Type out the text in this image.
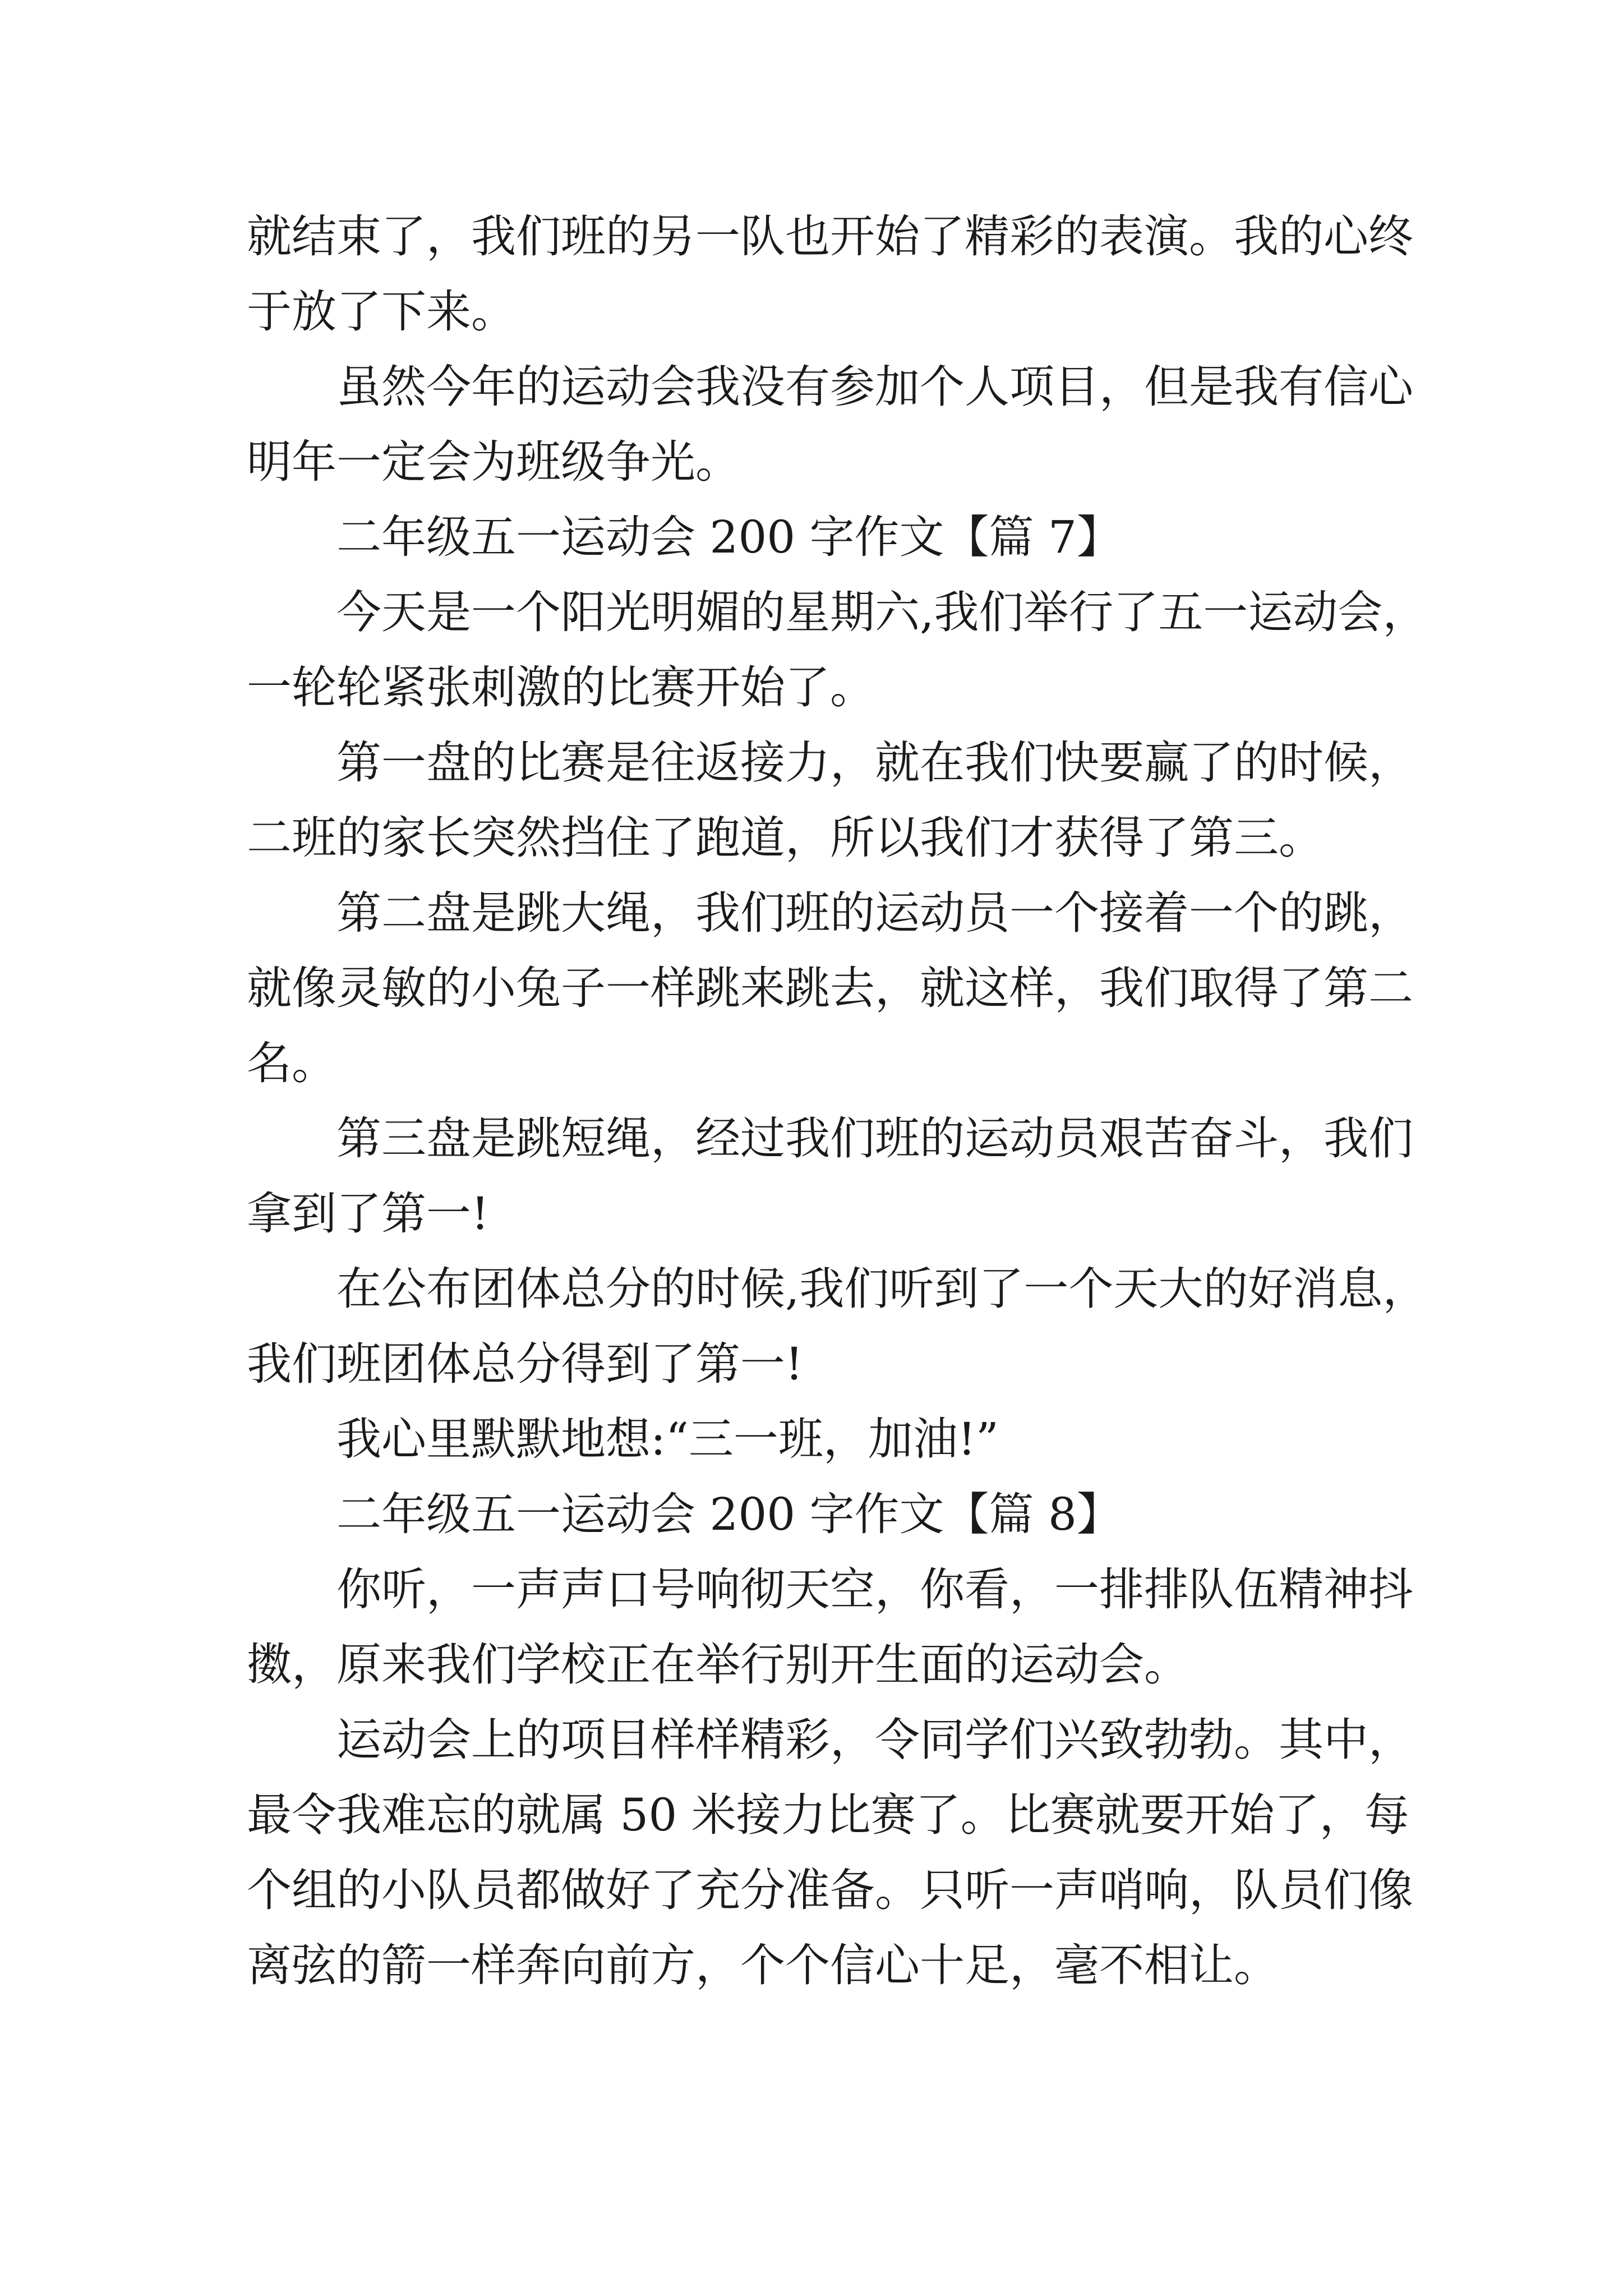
就结束了，我们班的另一队也开始了精彩的表演。我的心终
于放了下来。
虽然今年的运动会我没有参加个人项目，但是我有信心
明年一定会为班级争光。
二年级五一运动会 200 字作文【篇 7】
今天是一个阳光明媚的星期六,我们举行了五一运动会，
一轮轮紧张刺激的比赛开始了。
第一盘的比赛是往返接力，就在我们快要赢了的时候，
二班的家长突然挡住了跑道，所以我们才获得了第三。
第二盘是跳大绳，我们班的运动员一个接着一个的跳，
就像灵敏的小兔子一样跳来跳去，就这样，我们取得了第二
名。
第三盘是跳短绳，经过我们班的运动员艰苦奋斗，我们
拿到了第一!
在公布团体总分的时候,我们听到了一个天大的好消息，
我们班团体总分得到了第一!
我心里默默地想:“三一班，加油!”
二年级五一运动会 200 字作文【篇 8】
你听，一声声口号响彻天空，你看，一排排队伍精神抖
擞，原来我们学校正在举行别开生面的运动会。
运动会上的项目样样精彩，令同学们兴致勃勃。其中，
最令我难忘的就属 50 米接力比赛了。比赛就要开始了，每
个组的小队员都做好了充分准备。只听一声哨响，队员们像
离弦的箭一样奔向前方，个个信心十足，毫不相让。
